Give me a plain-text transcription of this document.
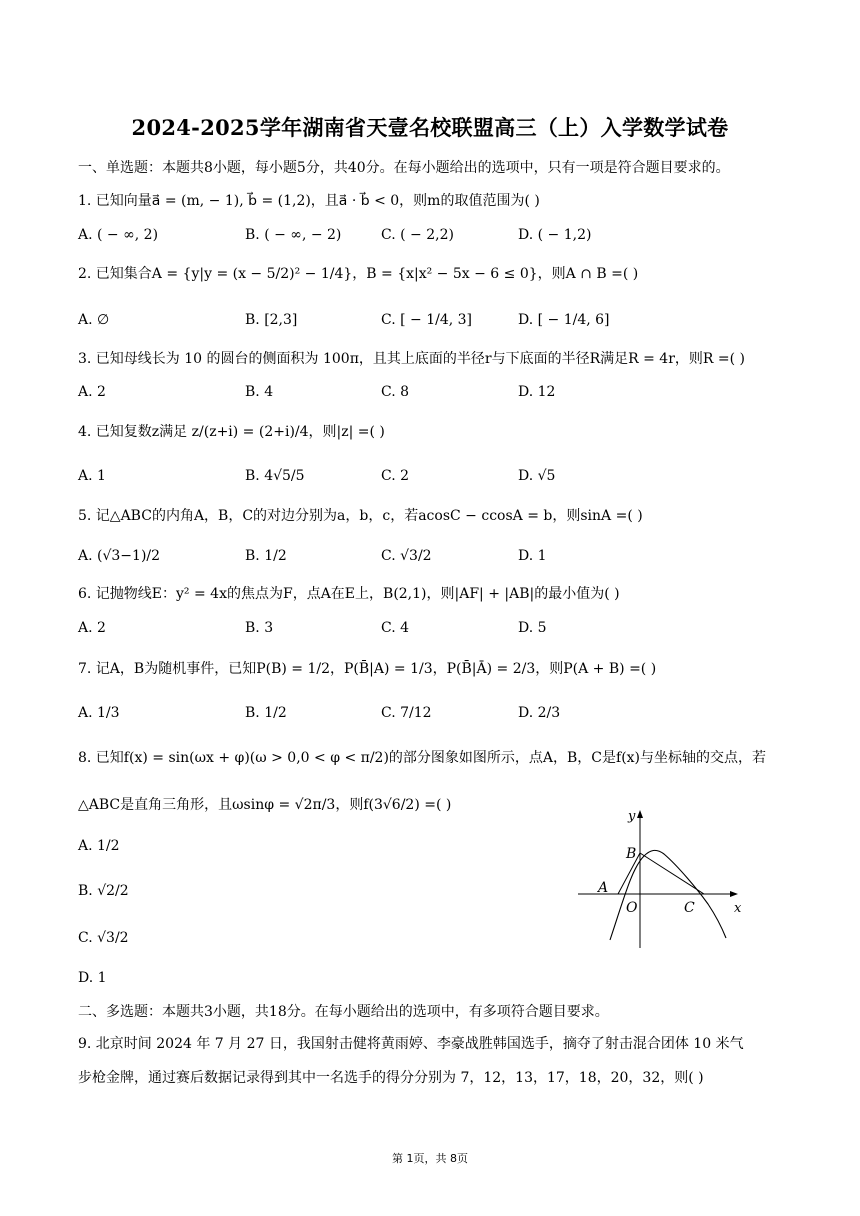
2024-2025学年湖南省天壹名校联盟高三（上）入学数学试卷
一、单选题：本题共8小题，每小题5分，共40分。在每小题给出的选项中，只有一项是符合题目要求的。
1. 已知向量a⃗ = (m, − 1), b⃗ = (1,2)，且a⃗ · b⃗ < 0，则m的取值范围为( )
A. ( − ∞, 2)	B. ( − ∞, − 2)	C. ( − 2,2)	D. ( − 1,2)
2. 已知集合A = {y|y = (x − 5/2)² − 1/4}，B = {x|x² − 5x − 6 ≤ 0}，则A ∩ B =( )
A. ∅	B. [2,3]	C. [ − 1/4, 3]	D. [ − 1/4, 6]
3. 已知母线长为 10 的圆台的侧面积为 100π，且其上底面的半径r与下底面的半径R满足R = 4r，则R =( )
A. 2	B. 4	C. 8	D. 12
4. 已知复数z满足 z/(z+i) = (2+i)/4，则|z| =( )
A. 1	B. 4√5/5	C. 2	D. √5
5. 记△ABC的内角A，B，C的对边分别为a，b，c，若acosC − ccosA = b，则sinA =( )
A. (√3−1)/2	B. 1/2	C. √3/2	D. 1
6. 记抛物线E：y² = 4x的焦点为F，点A在E上，B(2,1)，则|AF| + |AB|的最小值为( )
A. 2	B. 3	C. 4	D. 5
7. 记A，B为随机事件，已知P(B) = 1/2，P(B̄|A) = 1/3，P(B̄|Ā) = 2/3，则P(A + B) =( )
A. 1/3	B. 1/2	C. 7/12	D. 2/3
8. 已知f(x) = sin(ωx + φ)(ω > 0,0 < φ < π/2)的部分图象如图所示，点A，B，C是f(x)与坐标轴的交点，若
△ABC是直角三角形，且ωsinφ = √2π/3，则f(3√6/2) =( )
A. 1/2
B. √2/2
C. √3/2
D. 1
y
x
B
A
O	C
二、多选题：本题共3小题，共18分。在每小题给出的选项中，有多项符合题目要求。
9. 北京时间 2024 年 7 月 27 日，我国射击健将黄雨婷、李豪战胜韩国选手，摘夺了射击混合团体 10 米气
步枪金牌，通过赛后数据记录得到其中一名选手的得分分别为 7，12，13，17，18，20，32，则( )
第 1页，共 8页
